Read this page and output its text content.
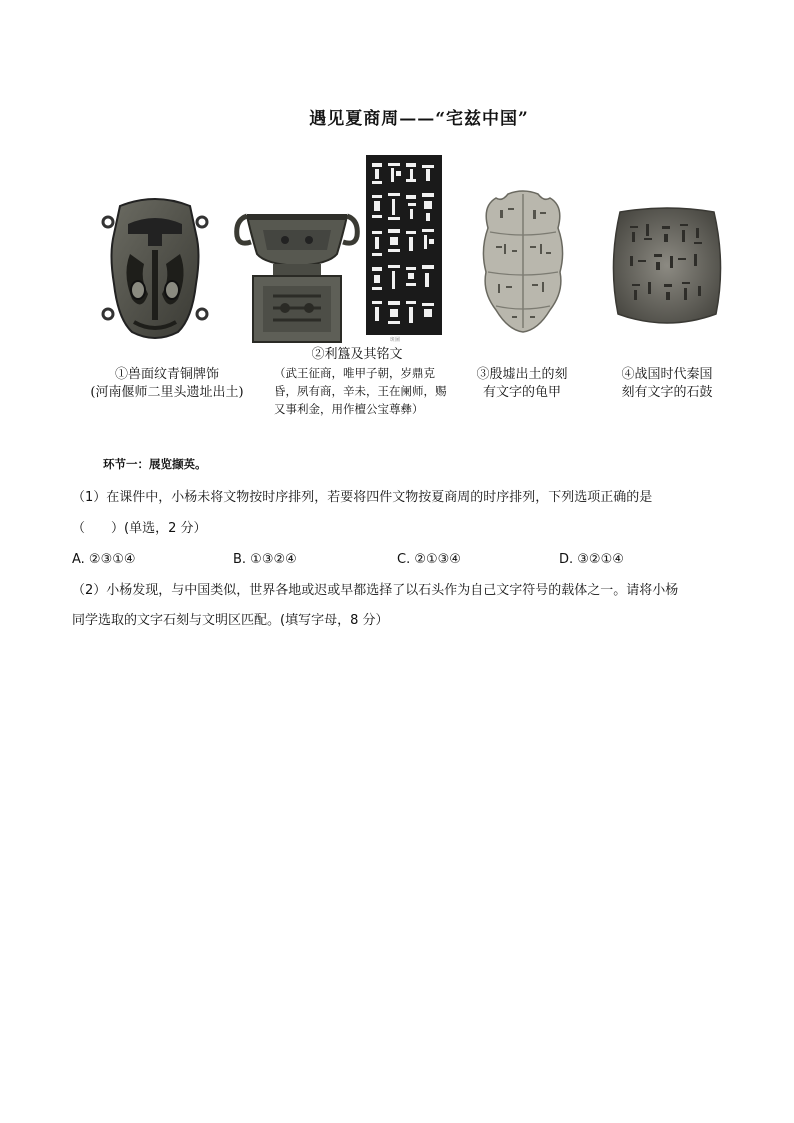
遇见夏商周——“宅兹中国”
斑圖
①兽面纹青铜牌饰
(河南偃师二里头遗址出土)
②利簋及其铭文
（武王征商，唯甲子朝，岁鼎克昏，夙有商，辛未，王在阑师，赐又事利金，用作檀公宝尊彝）
③殷墟出土的刻
有文字的龟甲
④战国时代秦国
刻有文字的石鼓
环节一：展览撷英。
（1）在课件中，小杨未将文物按时序排列，若要将四件文物按夏商周的时序排列，下列选项正确的是
（　　）(单选，2 分）
A. ②③①④	B. ①③②④	C. ②①③④	D. ③②①④
（2）小杨发现，与中国类似，世界各地或迟或早都选择了以石头作为自己文字符号的载体之一。请将小杨
同学选取的文字石刻与文明区匹配。(填写字母，8 分）
